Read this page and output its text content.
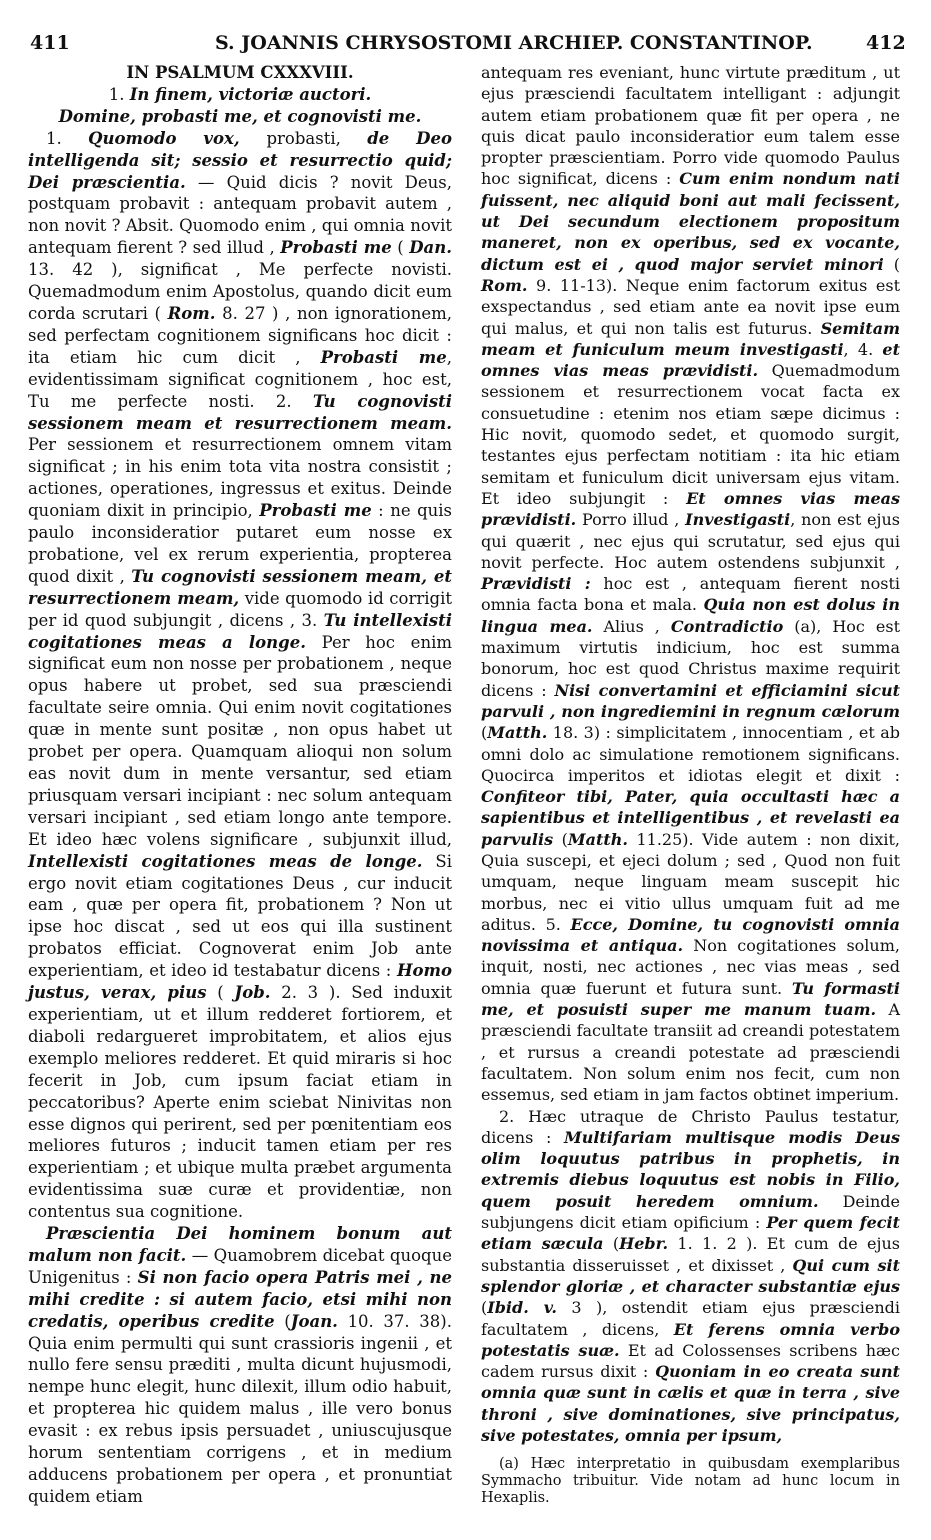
411	S. JOANNIS CHRYSOSTOMI ARCHIEP. CONSTANTINOP.	412

IN PSALMUM CXXXVIII.

1. In finem, victoriæ auctori.

Domine, probasti me, et cognovisti me.

1. Quomodo vox, probasti, de Deo intelligenda sit; sessio et resurrectio quid; Dei præscientia. — Quid dicis ? novit Deus, postquam probavit : antequam probavit autem , non novit ? Absit. Quomodo enim , qui omnia novit antequam fierent ? sed illud , Probasti me ( Dan. 13. 42 ), significat , Me perfecte novisti. Quemadmodum enim Apostolus, quando dicit eum corda scrutari ( Rom. 8. 27 ) , non ignorationem, sed perfectam cognitionem significans hoc dicit : ita etiam hic cum dicit , Probasti me, evidentissimam significat cognitionem , hoc est, Tu me perfecte nosti. 2. Tu cognovisti sessionem meam et resurrectionem meam. Per sessionem et resurrectionem omnem vitam significat ; in his enim tota vita nostra consistit ; actiones, operationes, ingressus et exitus. Deinde quoniam dixit in principio, Probasti me : ne quis paulo inconsideratior putaret eum nosse ex probatione, vel ex rerum experientia, propterea quod dixit , Tu cognovisti sessionem meam, et resurrectionem meam, vide quomodo id corrigit per id quod subjungit , dicens , 3. Tu intellexisti cogitationes meas a longe. Per hoc enim significat eum non nosse per probationem , neque opus habere ut probet, sed sua præsciendi facultate seire omnia. Qui enim novit cogitationes quæ in mente sunt positæ , non opus habet ut probet per opera. Quamquam alioqui non solum eas novit dum in mente versantur, sed etiam priusquam versari incipiant : nec solum antequam versari incipiant , sed etiam longo ante tempore. Et ideo hæc volens significare , subjunxit illud, Intellexisti cogitationes meas de longe. Si ergo novit etiam cogitationes Deus , cur inducit eam , quæ per opera fit, probationem ? Non ut ipse hoc discat , sed ut eos qui illa sustinent probatos efficiat. Cognoverat enim Job ante experientiam, et ideo id testabatur dicens : Homo justus, verax, pius ( Job. 2. 3 ). Sed induxit experientiam, ut et illum redderet fortiorem, et diaboli redargueret improbitatem, et alios ejus exemplo meliores redderet. Et quid miraris si hoc fecerit in Job, cum ipsum faciat etiam in peccatoribus? Aperte enim sciebat Ninivitas non esse dignos qui perirent, sed per pœnitentiam eos meliores futuros ; inducit tamen etiam per res experientiam ; et ubique multa præbet argumenta evidentissima suæ curæ et providentiæ, non contentus sua cognitione.

Præscientia Dei hominem bonum aut malum non facit. — Quamobrem dicebat quoque Unigenitus : Si non facio opera Patris mei , ne mihi credite : si autem facio, etsi mihi non credatis, operibus credite (Joan. 10. 37. 38). Quia enim permulti qui sunt crassioris ingenii , et nullo fere sensu præditi , multa dicunt hujusmodi, nempe hunc elegit, hunc dilexit, illum odio habuit, et propterea hic quidem malus , ille vero bonus evasit : ex rebus ipsis persuadet , uniuscujusque horum sententiam corrigens , et in medium adducens probationem per opera , et pronuntiat quidem etiam

antequam res eveniant, hunc virtute præditum , ut ejus præsciendi facultatem intelligant : adjungit autem etiam probationem quæ fit per opera , ne quis dicat paulo inconsideratior eum talem esse propter præscientiam. Porro vide quomodo Paulus hoc significat, dicens : Cum enim nondum nati fuissent, nec aliquid boni aut mali fecissent, ut Dei secundum electionem propositum maneret, non ex operibus, sed ex vocante, dictum est ei , quod major serviet minori ( Rom. 9. 11-13). Neque enim factorum exitus est exspectandus , sed etiam ante ea novit ipse eum qui malus, et qui non talis est futurus. Semitam meam et funiculum meum investigasti, 4. et omnes vias meas prævidisti. Quemadmodum sessionem et resurrectionem vocat facta ex consuetudine : etenim nos etiam sæpe dicimus : Hic novit, quomodo sedet, et quomodo surgit, testantes ejus perfectam notitiam : ita hic etiam semitam et funiculum dicit universam ejus vitam. Et ideo subjungit : Et omnes vias meas prævidisti. Porro illud , Investigasti, non est ejus qui quærit , nec ejus qui scrutatur, sed ejus qui novit perfecte. Hoc autem ostendens subjunxit , Prævidisti : hoc est , antequam fierent nosti omnia facta bona et mala. Quia non est dolus in lingua mea. Alius , Contradictio (a), Hoc est maximum virtutis indicium, hoc est summa bonorum, hoc est quod Christus maxime requirit dicens : Nisi convertamini et efficiamini sicut parvuli , non ingrediemini in regnum cælorum (Matth. 18. 3) : simplicitatem , innocentiam , et ab omni dolo ac simulatione remotionem significans. Quocirca imperitos et idiotas elegit et dixit : Confiteor tibi, Pater, quia occultasti hæc a sapientibus et intelligentibus , et revelasti ea parvulis (Matth. 11.25). Vide autem : non dixit, Quia suscepi, et ejeci dolum ; sed , Quod non fuit umquam, neque linguam meam suscepit hic morbus, nec ei vitio ullus umquam fuit ad me aditus. 5. Ecce, Domine, tu cognovisti omnia novissima et antiqua. Non cogitationes solum, inquit, nosti, nec actiones , nec vias meas , sed omnia quæ fuerunt et futura sunt. Tu formasti me, et posuisti super me manum tuam. A præsciendi facultate transiit ad creandi potestatem , et rursus a creandi potestate ad præsciendi facultatem. Non solum enim nos fecit, cum non essemus, sed etiam in jam factos obtinet imperium.

2. Hæc utraque de Christo Paulus testatur, dicens : Multifariam multisque modis Deus olim loquutus patribus in prophetis, in extremis diebus loquutus est nobis in Filio, quem posuit heredem omnium. Deinde subjungens dicit etiam opificium : Per quem fecit etiam sæcula (Hebr. 1. 1. 2 ). Et cum de ejus substantia disseruisset , et dixisset , Qui cum sit splendor gloriæ , et character substantiæ ejus (Ibid. v. 3 ), ostendit etiam ejus præsciendi facultatem , dicens, Et ferens omnia verbo potestatis suæ. Et ad Colossenses scribens hæc cadem rursus dixit : Quoniam in eo creata sunt omnia quæ sunt in cælis et quæ in terra , sive throni , sive dominationes, sive principatus, sive potestates, omnia per ipsum,

(a) Hæc interpretatio in quibusdam exemplaribus Symmacho tribuitur. Vide notam ad hunc locum in Hexaplis.
